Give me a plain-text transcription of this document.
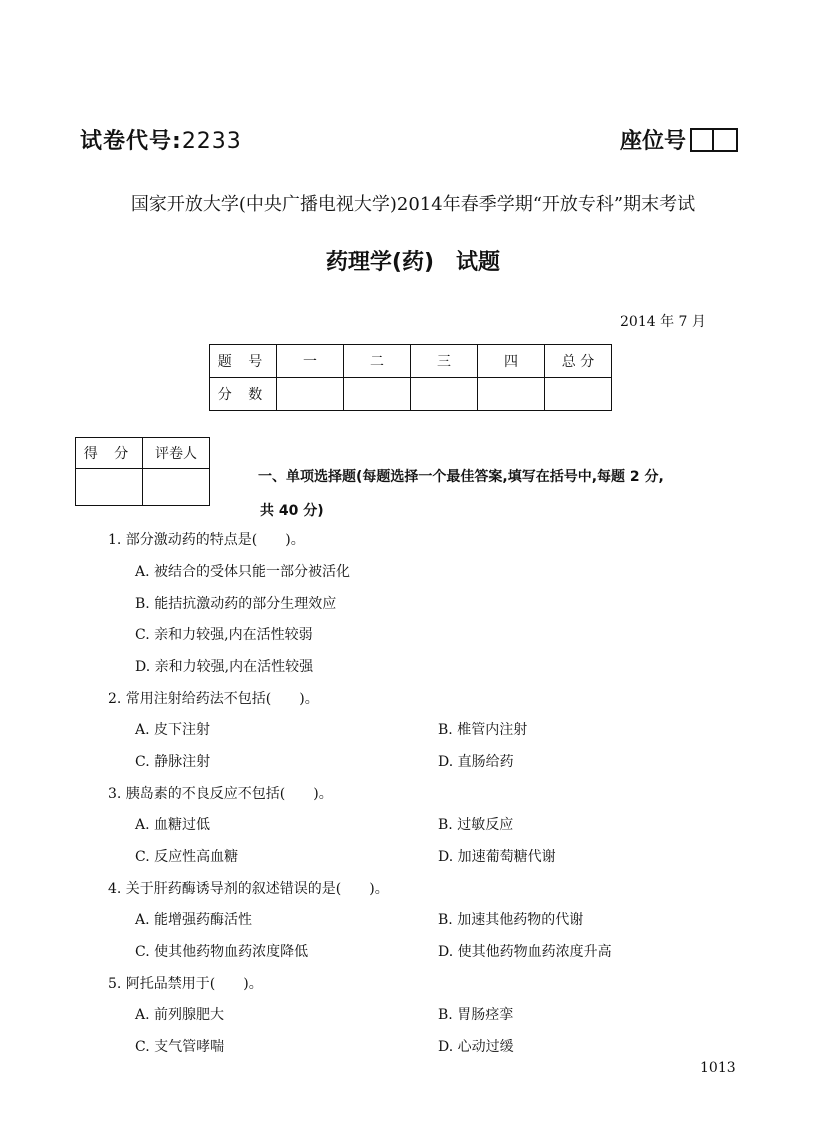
试卷代号:2233	座位号
国家开放大学(中央广播电视大学)2014年春季学期“开放专科”期末考试
药理学(药) 试题
2014 年 7 月
题 号	一	二	三	四	总 分
分 数					
得 分	评卷人

一、单项选择题(每题选择一个最佳答案,填写在括号中,每题 2 分,
共 40 分)
1. 部分激动药的特点是(　　)。
A. 被结合的受体只能一部分被活化
B. 能拮抗激动药的部分生理效应
C. 亲和力较强,内在活性较弱
D. 亲和力较强,内在活性较强
2. 常用注射给药法不包括(　　)。
A. 皮下注射	B. 椎管内注射
C. 静脉注射	D. 直肠给药
3. 胰岛素的不良反应不包括(　　)。
A. 血糖过低	B. 过敏反应
C. 反应性高血糖	D. 加速葡萄糖代谢
4. 关于肝药酶诱导剂的叙述错误的是(　　)。
A. 能增强药酶活性	B. 加速其他药物的代谢
C. 使其他药物血药浓度降低	D. 使其他药物血药浓度升高
5. 阿托品禁用于(　　)。
A. 前列腺肥大	B. 胃肠痉挛
C. 支气管哮喘	D. 心动过缓
1013
